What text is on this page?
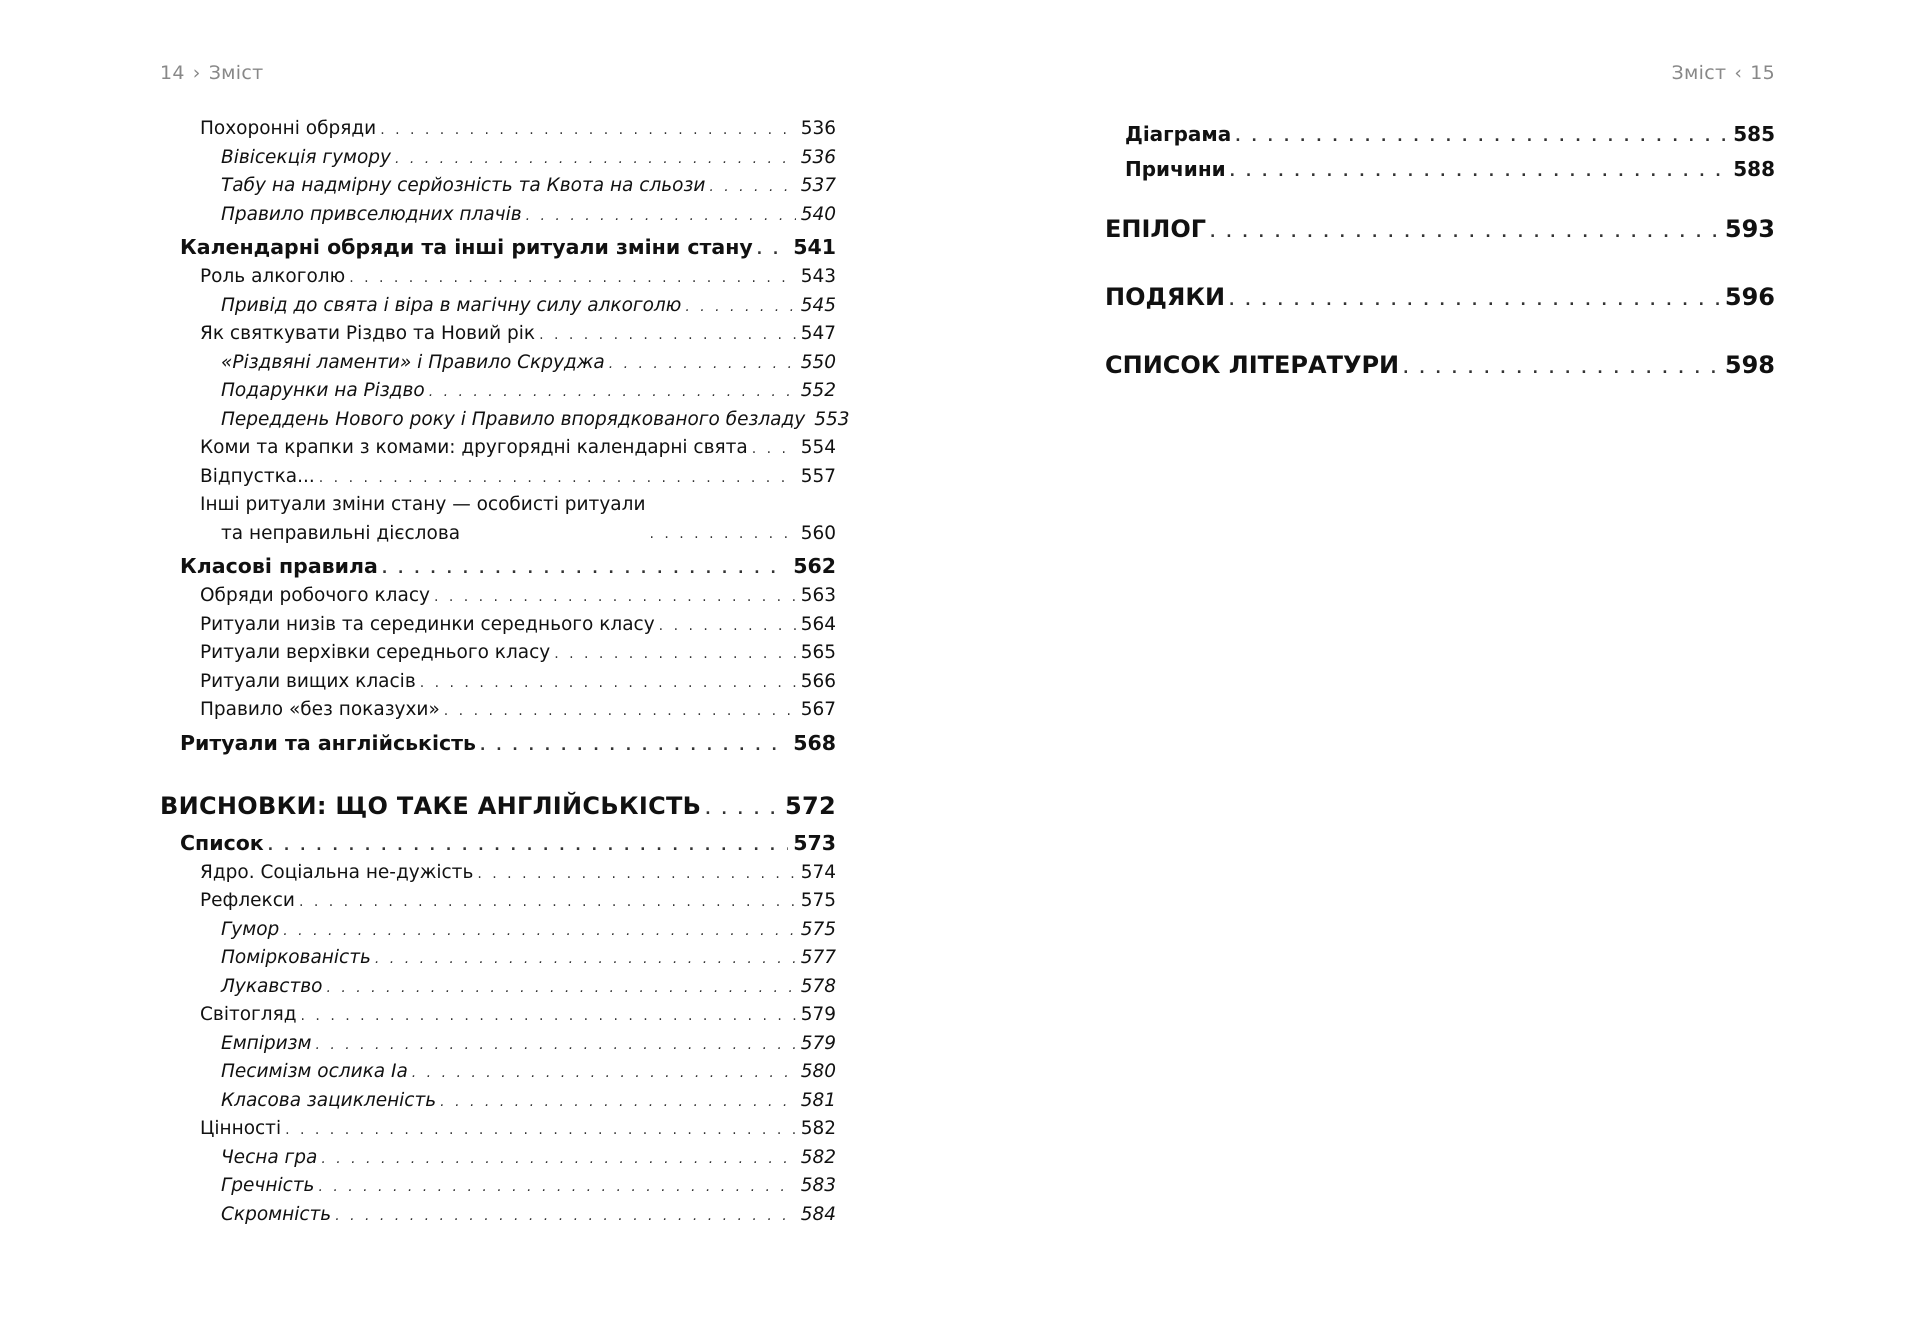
14 › Зміст
Похоронні обряди . . .	536
Вівісекція гумору . . .	536
Табу на надмірну серйозність та Квота на сльози . . .	537
Правило привселюдних плачів . . .	540
Календарні обряди та інші ритуали зміни стану . . . 541
Роль алкоголю . . .	543
Привід до свята і віра в магічну силу алкоголю . . .	545
Як святкувати Різдво та Новий рік . . .	547
«Різдвяні ламенти» і Правило Скруджа . . .	550
Подарунки на Різдво . . .	552
Переддень Нового року і Правило впорядкованого безладу 553
Коми та крапки з комами: другорядні календарні свята . . .	554
Відпустка... . . .	557
Інші ритуали зміни стану — особисті ритуали
та неправильні дієслова . . .	560
Класові правила . . .	562
Обряди робочого класу . . .	563
Ритуали низів та серединки середнього класу . . .	564
Ритуали верхівки середнього класу . . .	565
Ритуали вищих класів . . .	566
Правило «без показухи» . . .	567
Ритуали та англійськість . . .	568
ВИСНОВКИ: ЩО ТАКЕ АНГЛІЙСЬКІСТЬ . . .	572
Список . . .	573
Ядро. Соціальна не-дужість . . .	574
Рефлекси . . .	575
Гумор . . .	575
Поміркованість . . .	577
Лукавство . . .	578
Світогляд . . .	579
Емпіризм . . .	579
Песимізм ослика Іа . . .	580
Класова зацикленість . . .	581
Цінності . . .	582
Чесна гра . . .	582
Гречність . . .	583
Скромність . . .	584
Зміст ‹ 15
Діаграма . . .	585
Причини . . .	588
ЕПІЛОГ . . .	593
ПОДЯКИ . . .	596
СПИСОК ЛІТЕРАТУРИ . . .	598
